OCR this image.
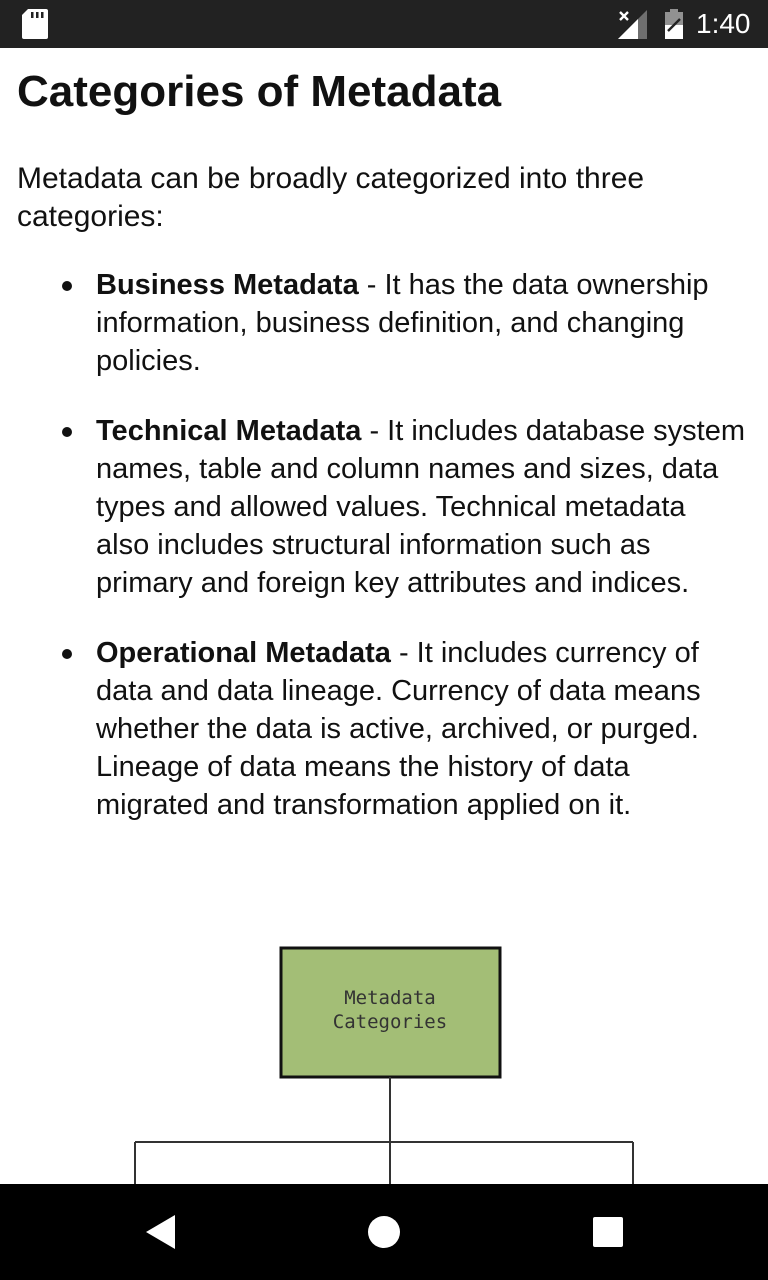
1:40
Categories of Metadata

Metadata can be broadly categorized into three categories:

Business Metadata - It has the data ownership information, business definition, and changing policies.
Technical Metadata - It includes database system names, table and column names and sizes, data types and allowed values. Technical metadata also includes structural information such as primary and foreign key attributes and indices.
Operational Metadata - It includes currency of data and data lineage. Currency of data means whether the data is active, archived, or purged. Lineage of data means the history of data migrated and transformation applied on it.
Metadata
Categories
